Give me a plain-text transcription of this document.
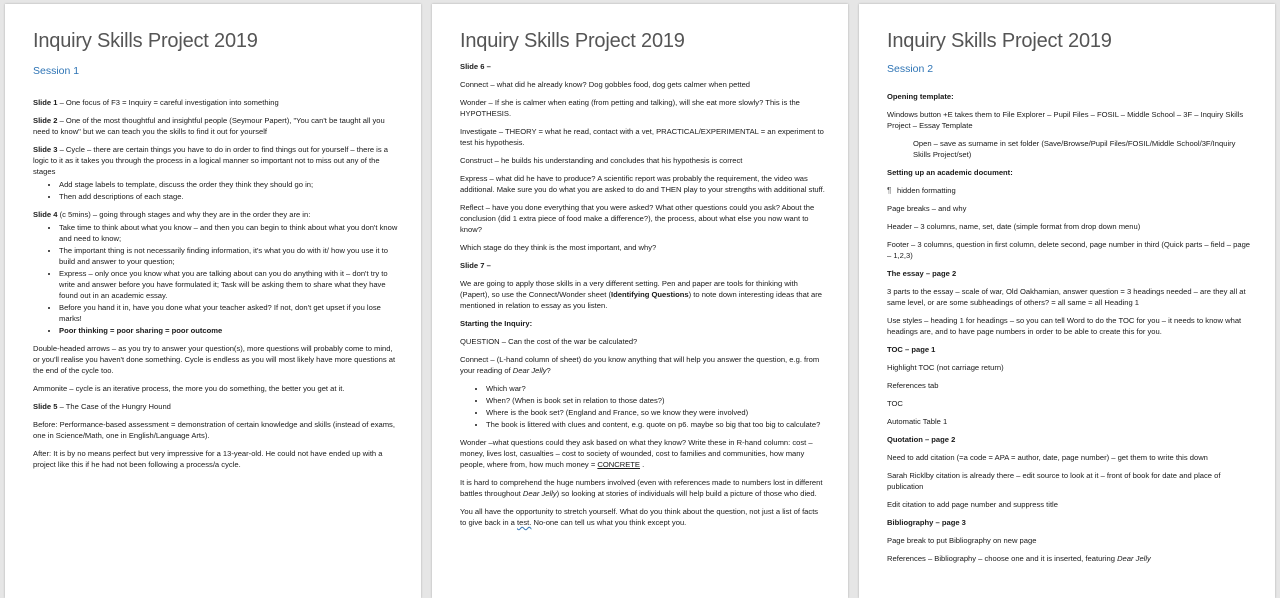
Inquiry Skills Project 2019
Session 1

Slide 1 – One focus of F3 = Inquiry = careful investigation into something

Slide 2 – One of the most thoughtful and insightful people (Seymour Papert), "You can't be taught all you need to know" but we can teach you the skills to find it out for yourself

Slide 3 – Cycle – there are certain things you have to do in order to find things out for yourself – there is a logic to it as it takes you through the process in a logical manner so important not to miss out any of the stages

• Add stage labels to template, discuss the order they think they should go in;
• Then add descriptions of each stage.

Slide 4 (c 5mins) – going through stages and why they are in the order they are in:

• Take time to think about what you know – and then you can begin to think about what you don't know and need to know;
• The important thing is not necessarily finding information, it's what you do with it/ how you use it to build and answer to your question;
• Express – only once you know what you are talking about can you do anything with it – don't try to write and answer before you have formulated it; Task will be asking them to share what they have found out in an academic essay.
• Before you hand it in, have you done what your teacher asked? If not, don't get upset if you lose marks!
• Poor thinking = poor sharing = poor outcome

Double-headed arrows – as you try to answer your question(s), more questions will probably come to mind, or you'll realise you haven't done something. Cycle is endless as you will most likely have more questions at the end of the cycle too.

Ammonite – cycle is an iterative process, the more you do something, the better you get at it.

Slide 5 – The Case of the Hungry Hound

Before: Performance-based assessment = demonstration of certain knowledge and skills (instead of exams, one in Science/Math, one in English/Language Arts).

After: It is by no means perfect but very impressive for a 13-year-old. He could not have ended up with a project like this if he had not been following a process/a cycle.

Inquiry Skills Project 2019

Slide 6 –

Connect – what did he already know? Dog gobbles food, dog gets calmer when petted

Wonder – If she is calmer when eating (from petting and talking), will she eat more slowly? This is the HYPOTHESIS.

Investigate – THEORY = what he read, contact with a vet, PRACTICAL/EXPERIMENTAL = an experiment to test his hypothesis.

Construct – he builds his understanding and concludes that his hypothesis is correct

Express – what did he have to produce? A scientific report was probably the requirement, the video was additional. Make sure you do what you are asked to do and THEN play to your strengths with additional stuff.

Reflect – have you done everything that you were asked? What other questions could you ask? About the conclusion (did 1 extra piece of food make a difference?), the process, about what else you now want to know?

Which stage do they think is the most important, and why?

Slide 7 –

We are going to apply those skills in a very different setting. Pen and paper are tools for thinking with (Papert), so use the Connect/Wonder sheet (Identifying Questions) to note down interesting ideas that are mentioned in relation to essay as you listen.

Starting the Inquiry:

QUESTION – Can the cost of the war be calculated?

Connect – (L-hand column of sheet) do you know anything that will help you answer the question, e.g. from your reading of Dear Jelly?

• Which war?
• When? (When is book set in relation to those dates?)
• Where is the book set? (England and France, so we know they were involved)
• The book is littered with clues and content, e.g. quote on p6. maybe so big that too big to calculate?

Wonder –what questions could they ask based on what they know? Write these in R-hand column: cost – money, lives lost, casualties – cost to society of wounded, cost to families and communities, how many people, where from, how much money = CONCRETE .

It is hard to comprehend the huge numbers involved (even with references made to numbers lost in different battles throughout Dear Jelly) so looking at stories of individuals will help build a picture of those who died.

You all have the opportunity to stretch yourself. What do you think about the question, not just a list of facts to give back in a test. No-one can tell us what you think except you.

Inquiry Skills Project 2019
Session 2

Opening template:

Windows button +E takes them to File Explorer – Pupil Files – FOSIL – Middle School – 3F – Inquiry Skills Project – Essay Template

Open – save as surname in set folder (Save/Browse/Pupil Files/FOSIL/Middle School/3F/Inquiry Skills Project/set)

Setting up an academic document:

¶ hidden formatting

Page breaks – and why

Header – 3 columns, name, set, date (simple format from drop down menu)

Footer – 3 columns, question in first column, delete second, page number in third (Quick parts – field – page – 1,2,3)

The essay – page 2

3 parts to the essay – scale of war, Old Oakhamian, answer question = 3 headings needed – are they all at same level, or are some subheadings of others? = all same = all Heading 1

Use styles – heading 1 for headings – so you can tell Word to do the TOC for you – it needs to know what headings are, and to have page numbers in order to be able to create this for you.

TOC – page 1

Highlight TOC (not carriage return)

References tab

TOC

Automatic Table 1

Quotation – page 2

Need to add citation (=a code = APA = author, date, page number) – get them to write this down

Sarah Ricklby citation is already there – edit source to look at it – front of book for date and place of publication

Edit citation to add page number and suppress title

Bibliography – page 3

Page break to put Bibliography on new page

References – Bibliography – choose one and it is inserted, featuring Dear Jelly
